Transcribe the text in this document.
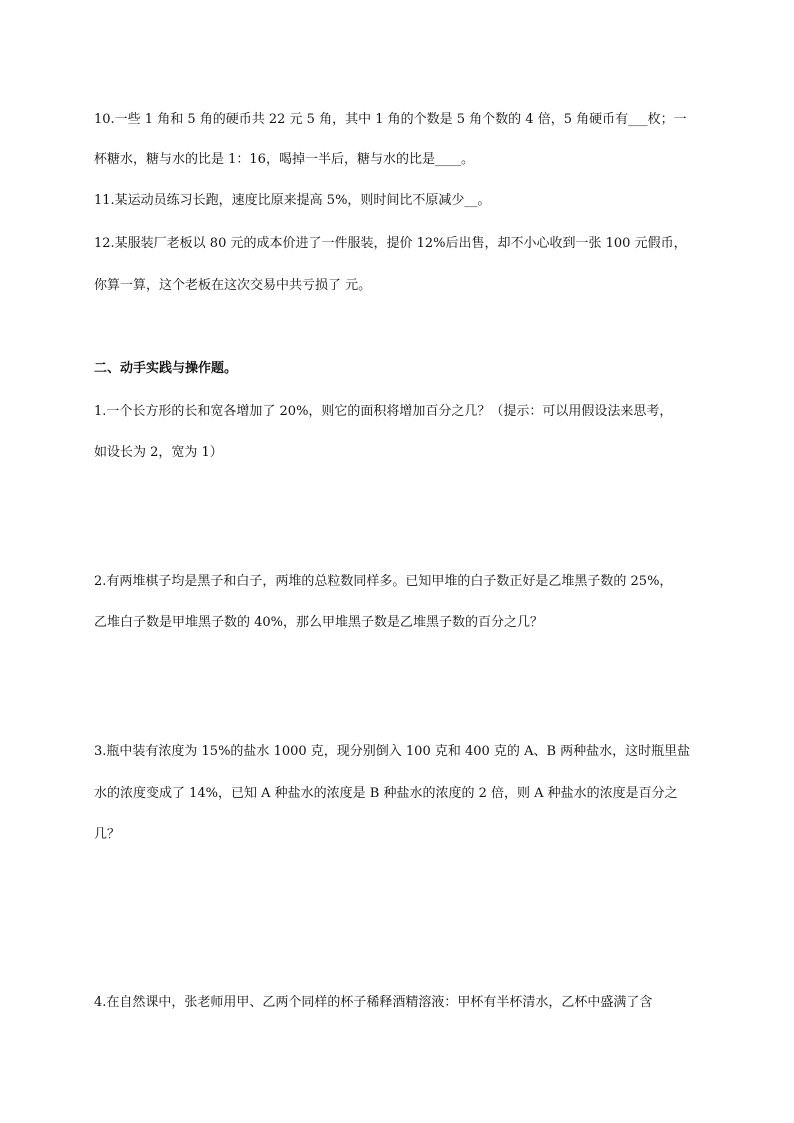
10.一些 1 角和 5 角的硬币共 22 元 5 角，其中 1 角的个数是 5 角个数的 4 倍，5 角硬币有___枚；一
杯糖水，糖与水的比是 1：16，喝掉一半后，糖与水的比是____。
11.某运动员练习长跑，速度比原来提高 5%，则时间比不原减少__。
12.某服装厂老板以 80 元的成本价进了一件服装，提价 12%后出售，却不小心收到一张 100 元假币，
你算一算，这个老板在这次交易中共亏损了 元。
二、动手实践与操作题。
1.一个长方形的长和宽各增加了 20%，则它的面积将增加百分之几？（提示：可以用假设法来思考，
如设长为 2，宽为 1）
2.有两堆棋子均是黑子和白子，两堆的总粒数同样多。已知甲堆的白子数正好是乙堆黑子数的 25%，
乙堆白子数是甲堆黑子数的 40%，那么甲堆黑子数是乙堆黑子数的百分之几？
3.瓶中装有浓度为 15%的盐水 1000 克，现分别倒入 100 克和 400 克的 A、B 两种盐水，这时瓶里盐
水的浓度变成了 14%，已知 A 种盐水的浓度是 B 种盐水的浓度的 2 倍，则 A 种盐水的浓度是百分之
几？
4.在自然课中，张老师用甲、乙两个同样的杯子稀释酒精溶液：甲杯有半杯清水，乙杯中盛满了含
